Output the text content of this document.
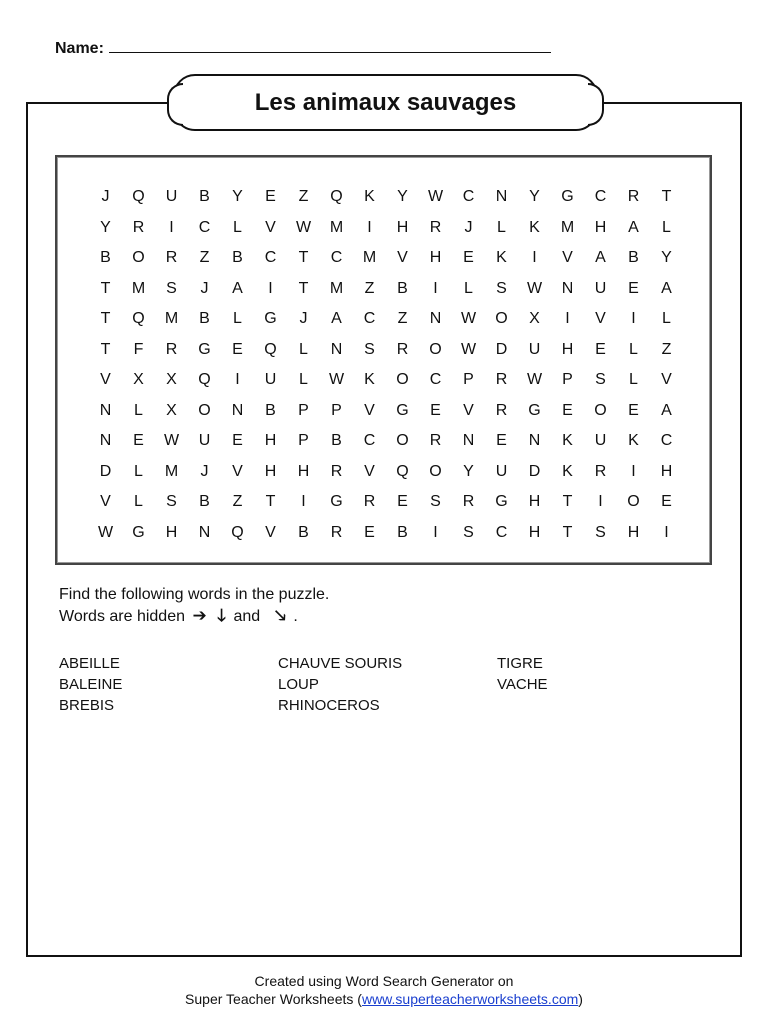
Name:
Les animaux sauvages
J	Q	U	B	Y	E	Z	Q	K	Y	W	C	N	Y	G	C	R	T
Y	R	I	C	L	V	W	M	I	H	R	J	L	K	M	H	A	L
B	O	R	Z	B	C	T	C	M	V	H	E	K	I	V	A	B	Y
T	M	S	J	A	I	T	M	Z	B	I	L	S	W	N	U	E	A
T	Q	M	B	L	G	J	A	C	Z	N	W	O	X	I	V	I	L
T	F	R	G	E	Q	L	N	S	R	O	W	D	U	H	E	L	Z
V	X	X	Q	I	U	L	W	K	O	C	P	R	W	P	S	L	V
N	L	X	O	N	B	P	P	V	G	E	V	R	G	E	O	E	A
N	E	W	U	E	H	P	B	C	O	R	N	E	N	K	U	K	C
D	L	M	J	V	H	H	R	V	Q	O	Y	U	D	K	R	I	H
V	L	S	B	Z	T	I	G	R	E	S	R	G	H	T	I	O	E
W	G	H	N	Q	V	B	R	E	B	I	S	C	H	T	S	H	I
Find the following words in the puzzle.
Words are hidden ➔ 🡓 and 🡖 .
ABEILLE
BALEINE
BREBIS
CHAUVE SOURIS
LOUP
RHINOCEROS
TIGRE
VACHE
Created using Word Search Generator on
Super Teacher Worksheets (www.superteacherworksheets.com)
